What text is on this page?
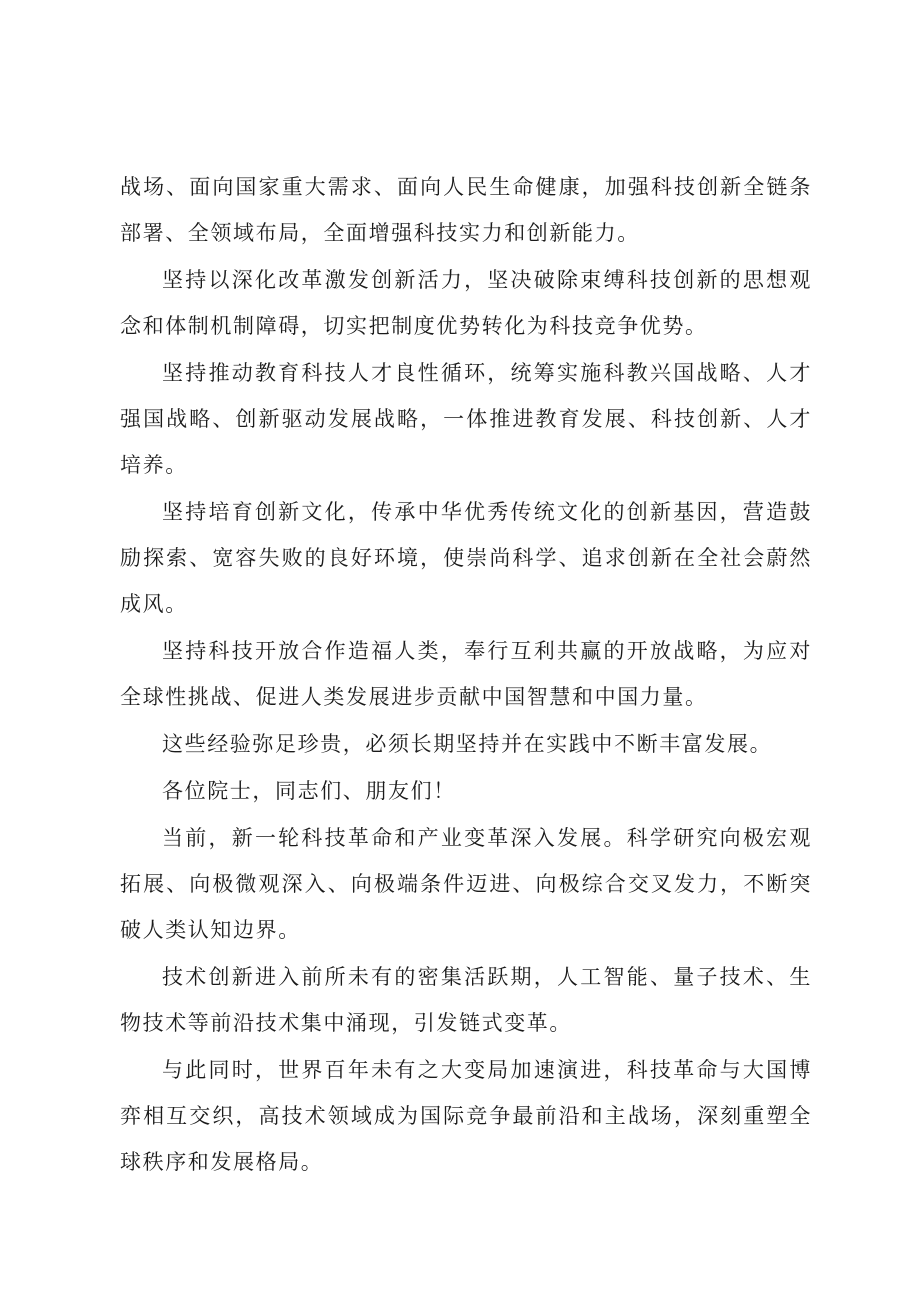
战场、面向国家重大需求、面向人民生命健康，加强科技创新全链条部署、全领域布局，全面增强科技实力和创新能力。

坚持以深化改革激发创新活力，坚决破除束缚科技创新的思想观念和体制机制障碍，切实把制度优势转化为科技竞争优势。

坚持推动教育科技人才良性循环，统筹实施科教兴国战略、人才强国战略、创新驱动发展战略，一体推进教育发展、科技创新、人才培养。

坚持培育创新文化，传承中华优秀传统文化的创新基因，营造鼓励探索、宽容失败的良好环境，使崇尚科学、追求创新在全社会蔚然成风。

坚持科技开放合作造福人类，奉行互利共赢的开放战略，为应对全球性挑战、促进人类发展进步贡献中国智慧和中国力量。

这些经验弥足珍贵，必须长期坚持并在实践中不断丰富发展。

各位院士，同志们、朋友们！

当前，新一轮科技革命和产业变革深入发展。科学研究向极宏观拓展、向极微观深入、向极端条件迈进、向极综合交叉发力，不断突破人类认知边界。

技术创新进入前所未有的密集活跃期，人工智能、量子技术、生物技术等前沿技术集中涌现，引发链式变革。

与此同时，世界百年未有之大变局加速演进，科技革命与大国博弈相互交织，高技术领域成为国际竞争最前沿和主战场，深刻重塑全球秩序和发展格局。
